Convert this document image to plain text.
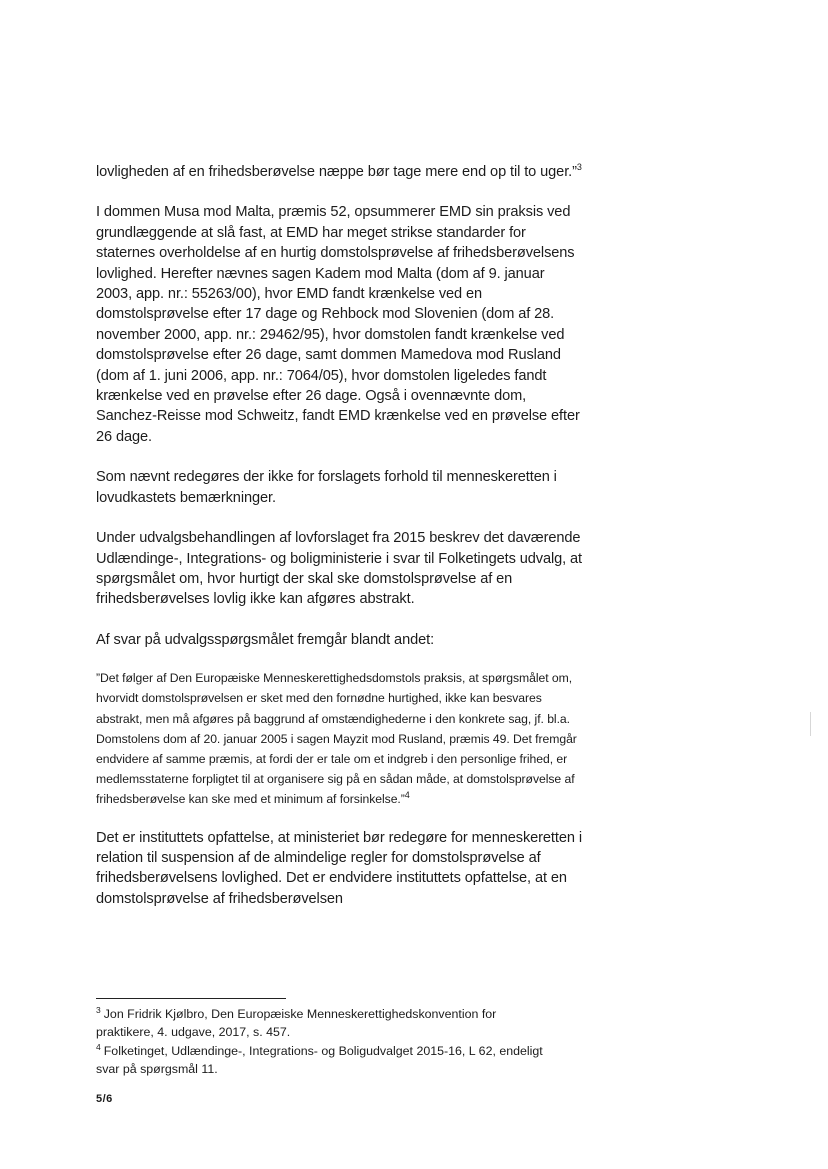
lovligheden af en frihedsberøvelse næppe bør tage mere end op til to uger.”$^3$

I dommen Musa mod Malta, præmis 52, opsummerer EMD sin praksis ved grundlæggende at slå fast, at EMD har meget strikse standarder for staternes overholdelse af en hurtig domstolsprøvelse af frihedsberøvelsens lovlighed. Herefter nævnes sagen Kadem mod Malta (dom af 9. januar 2003, app. nr.: 55263/00), hvor EMD fandt krænkelse ved en domstolsprøvelse efter 17 dage og Rehbock mod Slovenien (dom af 28. november 2000, app. nr.: 29462/95), hvor domstolen fandt krænkelse ved domstolsprøvelse efter 26 dage, samt dommen Mamedova mod Rusland (dom af 1. juni 2006, app. nr.: 7064/05), hvor domstolen ligeledes fandt krænkelse ved en prøvelse efter 26 dage. Også i ovennævnte dom, Sanchez-Reisse mod Schweitz, fandt EMD krænkelse ved en prøvelse efter 26 dage.

Som nævnt redegøres der ikke for forslagets forhold til menneskeretten i lovudkastets bemærkninger.

Under udvalgsbehandlingen af lovforslaget fra 2015 beskrev det daværende Udlændinge-, Integrations- og boligministerie i svar til Folketingets udvalg, at spørgsmålet om, hvor hurtigt der skal ske domstolsprøvelse af en frihedsberøvelses lovlig ikke kan afgøres abstrakt.

Af svar på udvalgsspørgsmålet fremgår blandt andet:

”Det følger af Den Europæiske Menneskerettighedsdomstols praksis, at spørgsmålet om, hvorvidt domstolsprøvelsen er sket med den fornødne hurtighed, ikke kan besvares abstrakt, men må afgøres på baggrund af omstændighederne i den konkrete sag, jf. bl.a. Domstolens dom af 20. januar 2005 i sagen Mayzit mod Rusland, præmis 49. Det fremgår endvidere af samme præmis, at fordi der er tale om et indgreb i den personlige frihed, er medlemsstaterne forpligtet til at organisere sig på en sådan måde, at domstolsprøvelse af frihedsberøvelse kan ske med et minimum af forsinkelse.”$^4$

Det er instituttets opfattelse, at ministeriet bør redegøre for menneskeretten i relation til suspension af de almindelige regler for domstolsprøvelse af frihedsberøvelsens lovlighed. Det er endvidere instituttets opfattelse, at en domstolsprøvelse af frihedsberøvelsen

$^3$ Jon Fridrik Kjølbro, Den Europæiske Menneskerettighedskonvention for praktikere, 4. udgave, 2017, s. 457.

$^4$ Folketinget, Udlændinge-, Integrations- og Boligudvalget 2015-16, L 62, endeligt svar på spørgsmål 11.

5/6
